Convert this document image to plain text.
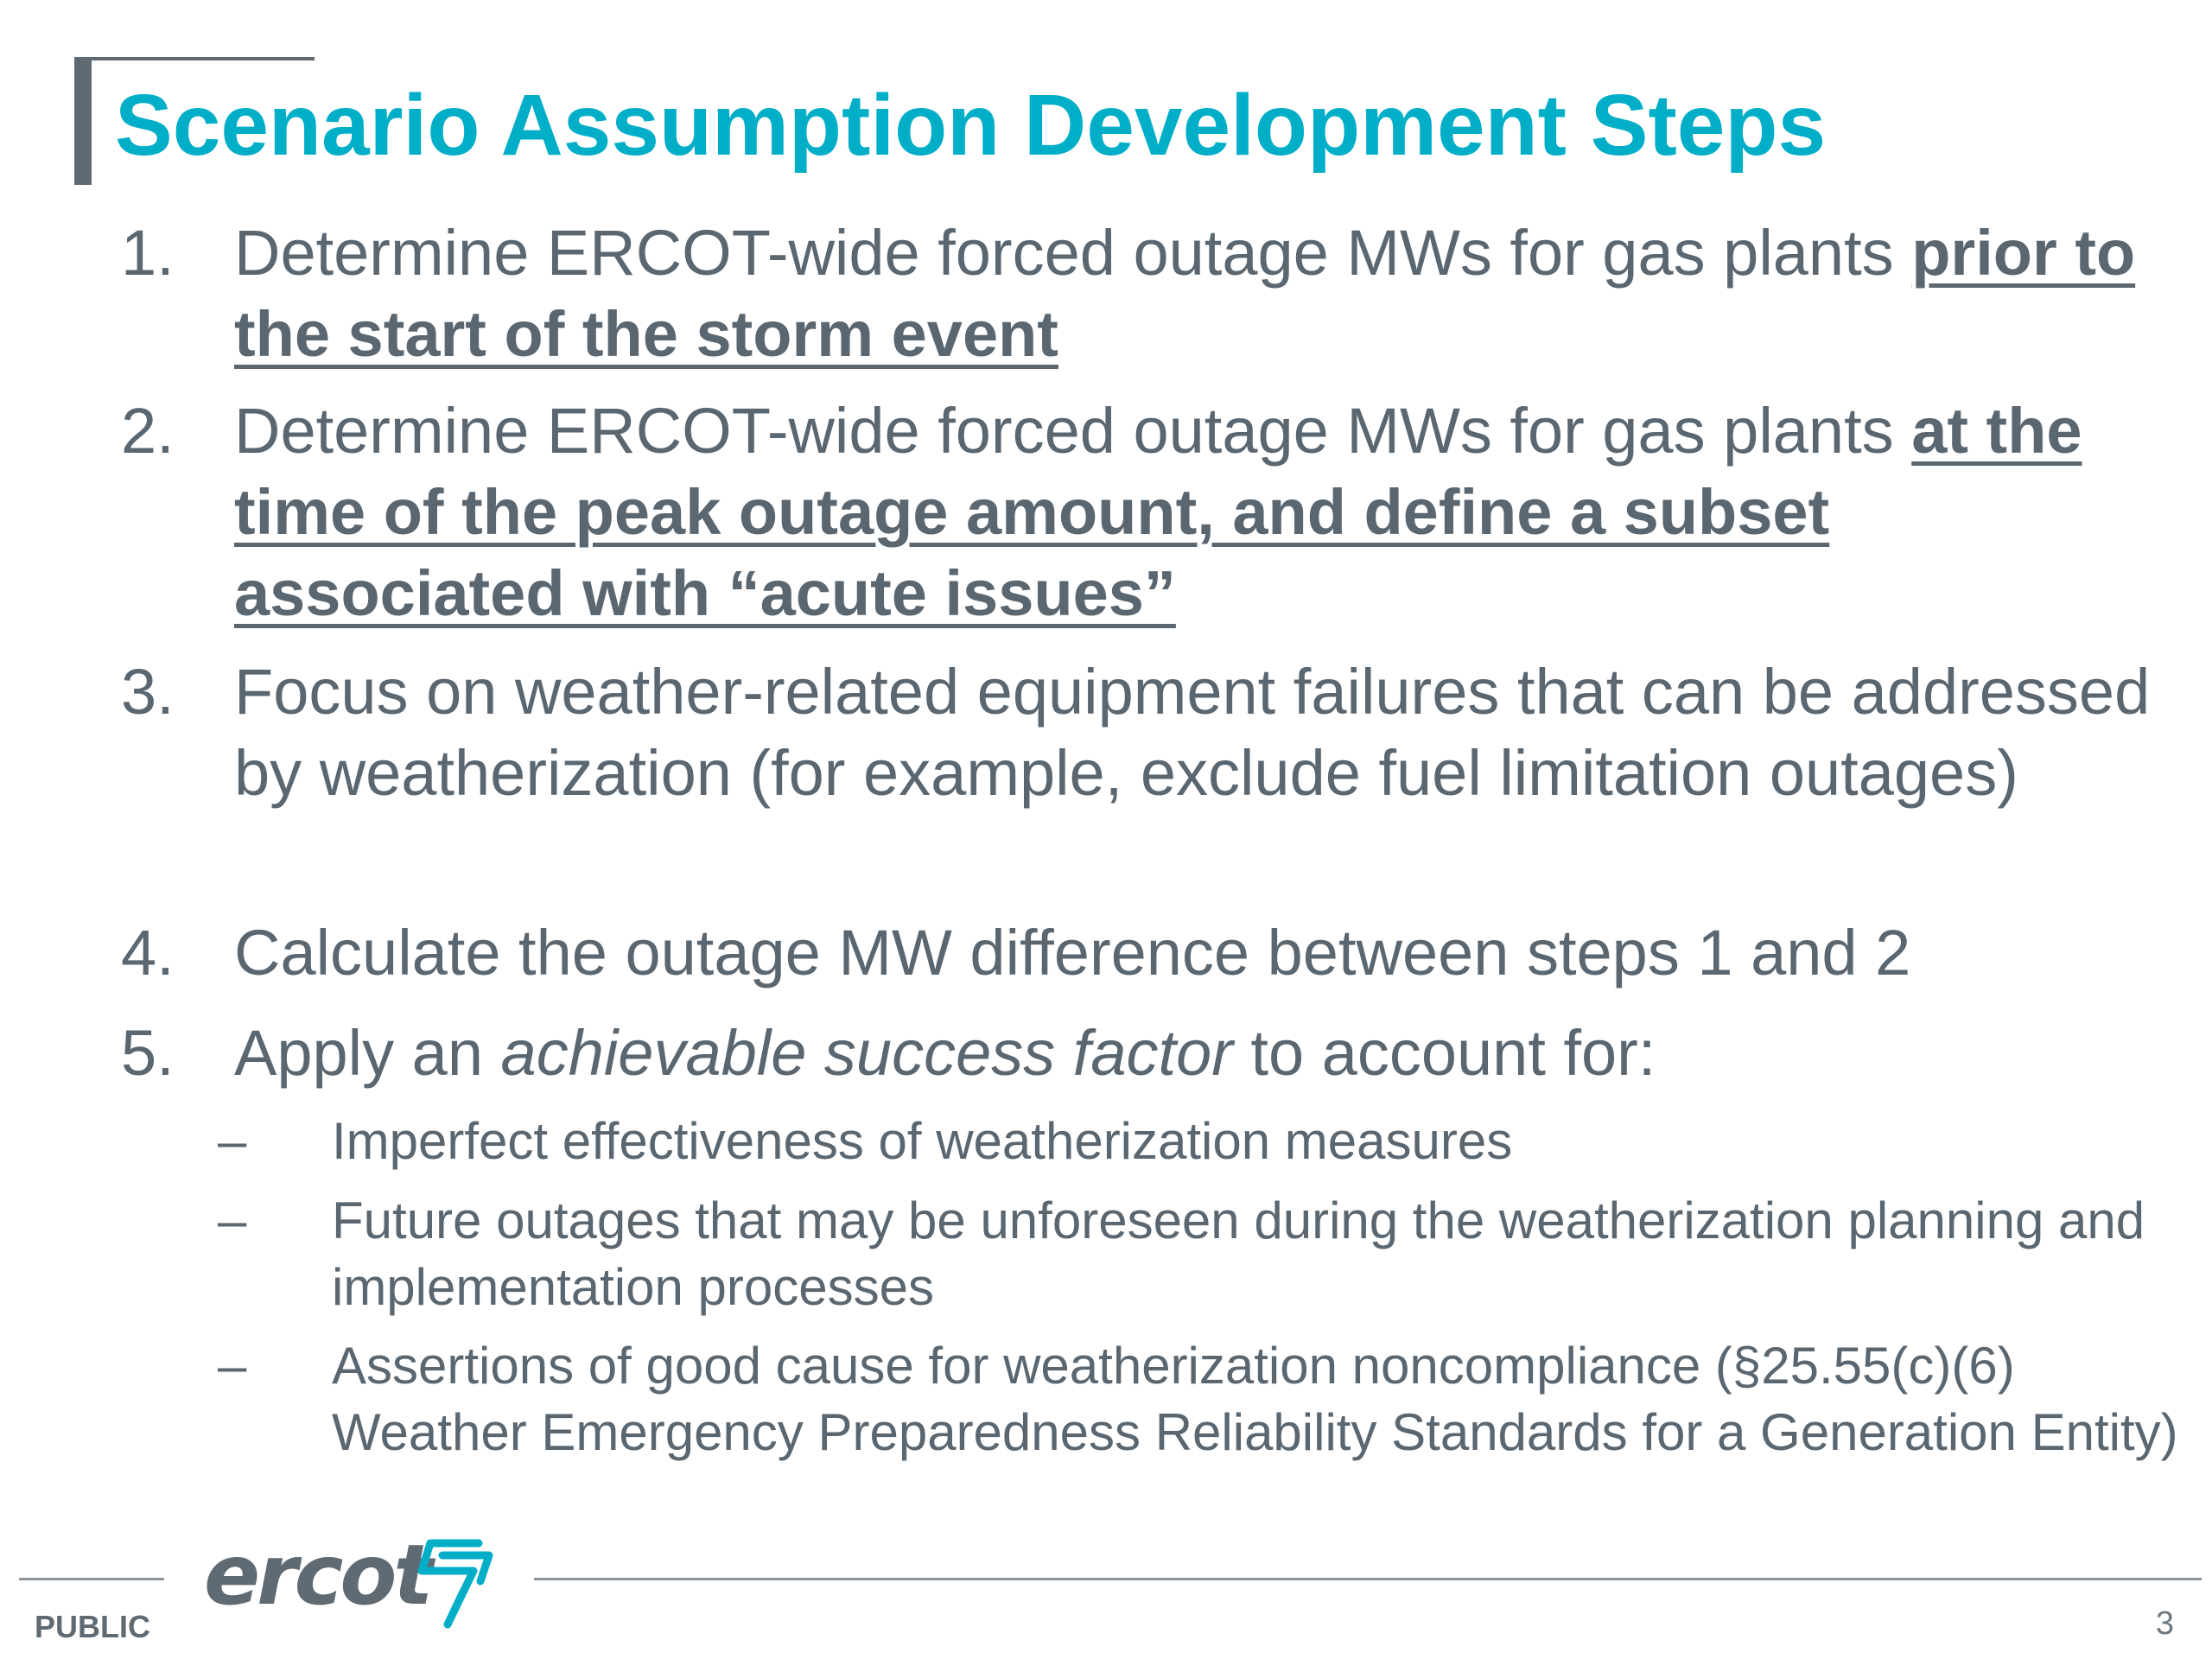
Scenario Assumption Development Steps
1. Determine ERCOT-wide forced outage MWs for gas plants prior to the start of the storm event
2. Determine ERCOT-wide forced outage MWs for gas plants at the time of the peak outage amount, and define a subset associated with “acute issues”
3. Focus on weather-related equipment failures that can be addressed by weatherization (for example, exclude fuel limitation outages)
4. Calculate the outage MW difference between steps 1 and 2
5. Apply an achievable success factor to account for:
– Imperfect effectiveness of weatherization measures
– Future outages that may be unforeseen during the weatherization planning and implementation processes
– Assertions of good cause for weatherization noncompliance (§25.55(c)(6) Weather Emergency Preparedness Reliability Standards for a Generation Entity)
ercot
PUBLIC	3
